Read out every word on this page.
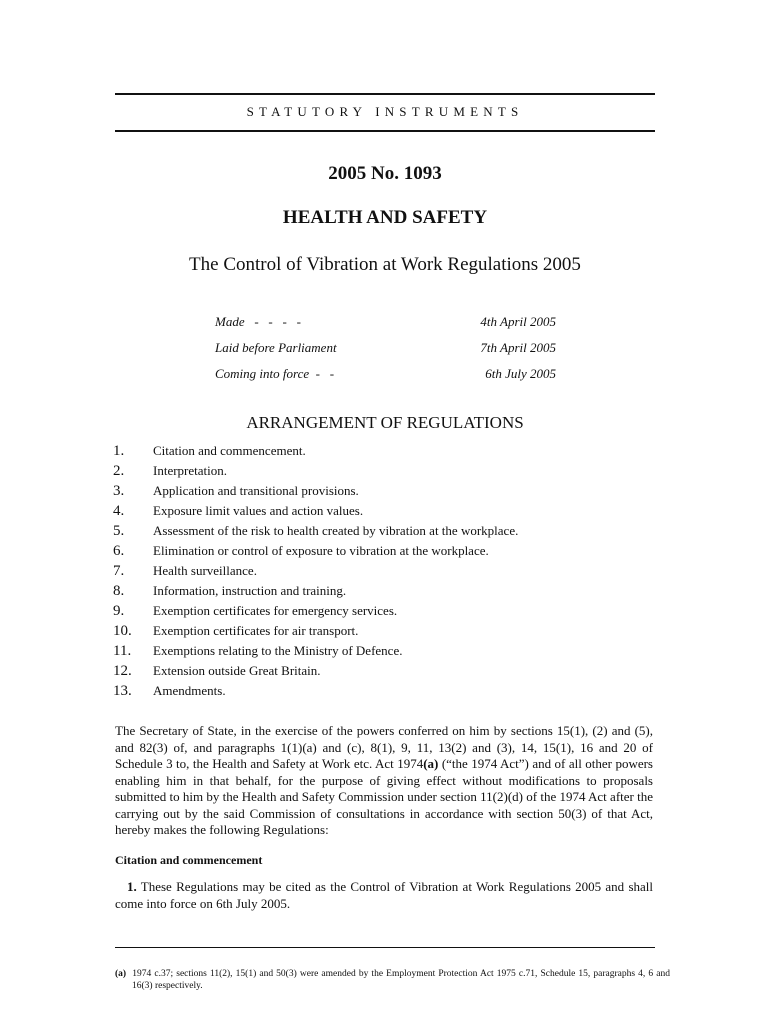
STATUTORY INSTRUMENTS
2005 No. 1093
HEALTH AND SAFETY
The Control of Vibration at Work Regulations 2005
Made   -   -   -   -	4th April 2005
Laid before Parliament	7th April 2005
Coming into force  -   -	6th July 2005
ARRANGEMENT OF REGULATIONS
1. Citation and commencement.
2. Interpretation.
3. Application and transitional provisions.
4. Exposure limit values and action values.
5. Assessment of the risk to health created by vibration at the workplace.
6. Elimination or control of exposure to vibration at the workplace.
7. Health surveillance.
8. Information, instruction and training.
9. Exemption certificates for emergency services.
10. Exemption certificates for air transport.
11. Exemptions relating to the Ministry of Defence.
12. Extension outside Great Britain.
13. Amendments.

The Secretary of State, in the exercise of the powers conferred on him by sections 15(1), (2) and (5), and 82(3) of, and paragraphs 1(1)(a) and (c), 8(1), 9, 11, 13(2) and (3), 14, 15(1), 16 and 20 of Schedule 3 to, the Health and Safety at Work etc. Act 1974(a) (“the 1974 Act”) and of all other powers enabling him in that behalf, for the purpose of giving effect without modifications to proposals submitted to him by the Health and Safety Commission under section 11(2)(d) of the 1974 Act after the carrying out by the said Commission of consultations in accordance with section 50(3) of that Act, hereby makes the following Regulations:

Citation and commencement

1. These Regulations may be cited as the Control of Vibration at Work Regulations 2005 and shall come into force on 6th July 2005.

(a)  1974 c.37; sections 11(2), 15(1) and 50(3) were amended by the Employment Protection Act 1975 c.71, Schedule 15, paragraphs 4, 6 and 16(3) respectively.
